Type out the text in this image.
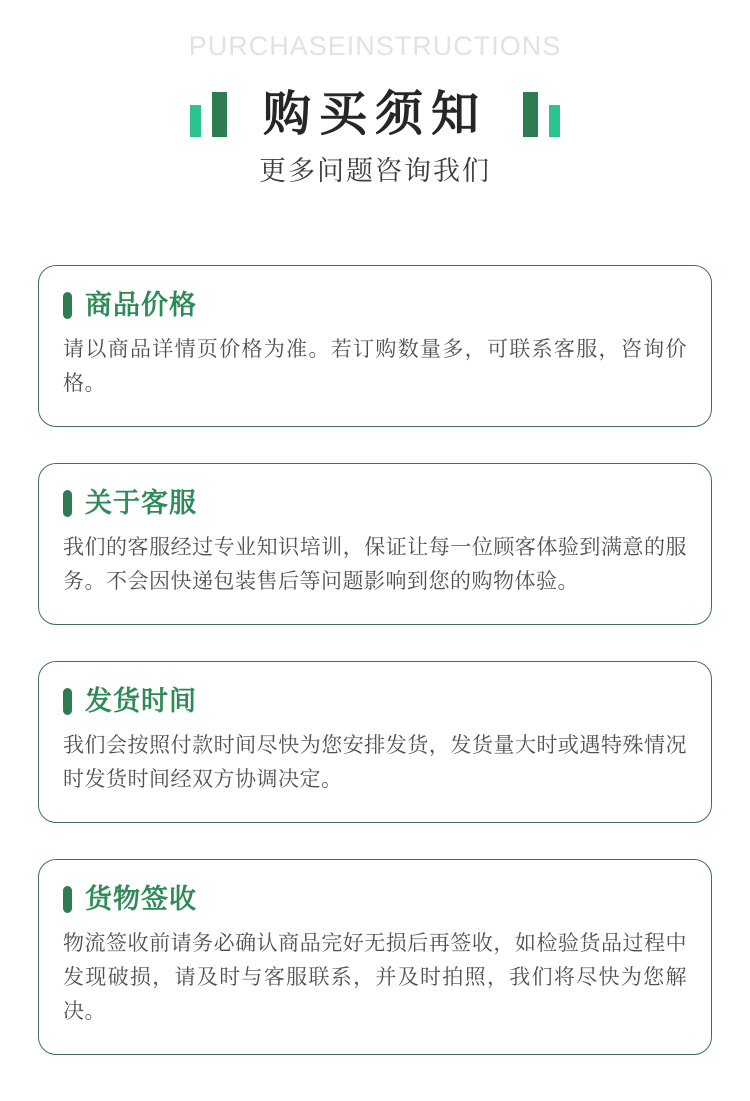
PURCHASEINSTRUCTIONS
购买须知
更多问题咨询我们
商品价格
请以商品详情页价格为准。若订购数量多，可联系客服，咨询价格。
关于客服
我们的客服经过专业知识培训，保证让每一位顾客体验到满意的服务。不会因快递包装售后等问题影响到您的购物体验。
发货时间
我们会按照付款时间尽快为您安排发货，发货量大时或遇特殊情况时发货时间经双方协调决定。
货物签收
物流签收前请务必确认商品完好无损后再签收，如检验货品过程中发现破损，请及时与客服联系，并及时拍照，我们将尽快为您解决。
